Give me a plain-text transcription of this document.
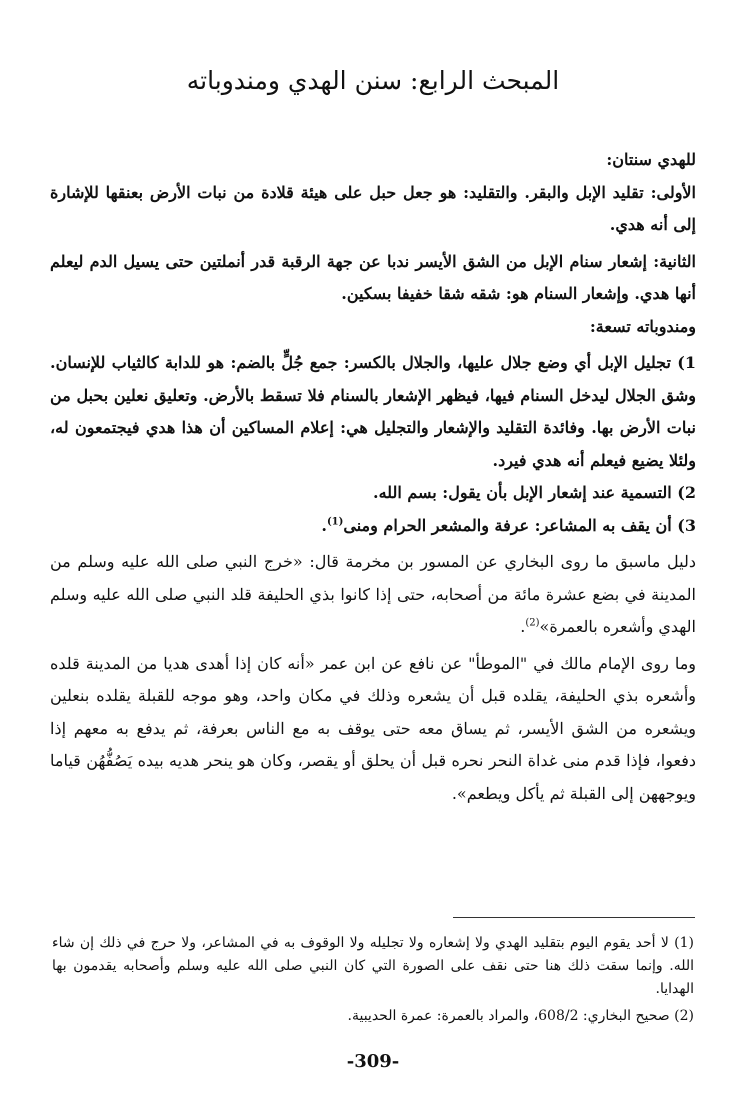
المبحث الرابع: سنن الهدي ومندوباته

للهدي سنتان:

الأولى: تقليد الإبل والبقر. والتقليد: هو جعل حبل على هيئة قلادة من نبات الأرض بعنقها للإشارة إلى أنه هدي.

الثانية: إشعار سنام الإبل من الشق الأيسر ندبا عن جهة الرقبة قدر أنملتين حتى يسيل الدم ليعلم أنها هدي. وإشعار السنام هو: شقه شقا خفيفا بسكين.

ومندوباته تسعة:

1) تجليل الإبل أي وضع جلال عليها، والجلال بالكسر: جمع جُلٍّ بالضم: هو للدابة كالثياب للإنسان. وشق الجلال ليدخل السنام فيها، فيظهر الإشعار بالسنام فلا تسقط بالأرض. وتعليق نعلين بحبل من نبات الأرض بها. وفائدة التقليد والإشعار والتجليل هي: إعلام المساكين أن هذا هدي فيجتمعون له، ولئلا يضيع فيعلم أنه هدي فيرد.

2) التسمية عند إشعار الإبل بأن يقول: بسم الله.

3) أن يقف به المشاعر: عرفة والمشعر الحرام ومنى$^{(1)}$.

دليل ماسبق ما روى البخاري عن المسور بن مخرمة قال: «خرج النبي صلى الله عليه وسلم من المدينة في بضع عشرة مائة من أصحابه، حتى إذا كانوا بذي الحليفة قلد النبي صلى الله عليه وسلم الهدي وأشعره بالعمرة»$^{(2)}$.

وما روى الإمام مالك في "الموطأ" عن نافع عن ابن عمر «أنه كان إذا أهدى هديا من المدينة قلده وأشعره بذي الحليفة، يقلده قبل أن يشعره وذلك في مكان واحد، وهو موجه للقبلة يقلده بنعلين ويشعره من الشق الأيسر، ثم يساق معه حتى يوقف به مع الناس بعرفة، ثم يدفع به معهم إذا دفعوا، فإذا قدم منى غداة النحر نحره قبل أن يحلق أو يقصر، وكان هو ينحر هديه بيده يَصُفُّهُن قياما ويوجههن إلى القبلة ثم يأكل ويطعم».

(1) لا أحد يقوم اليوم بتقليد الهدي ولا إشعاره ولا تجليله ولا الوقوف به في المشاعر، ولا حرج في ذلك إن شاء الله. وإنما سقت ذلك هنا حتى نقف على الصورة التي كان النبي صلى الله عليه وسلم وأصحابه يقدمون بها الهدايا.

(2) صحيح البخاري: 608/2، والمراد بالعمرة: عمرة الحديبية.

-309-
